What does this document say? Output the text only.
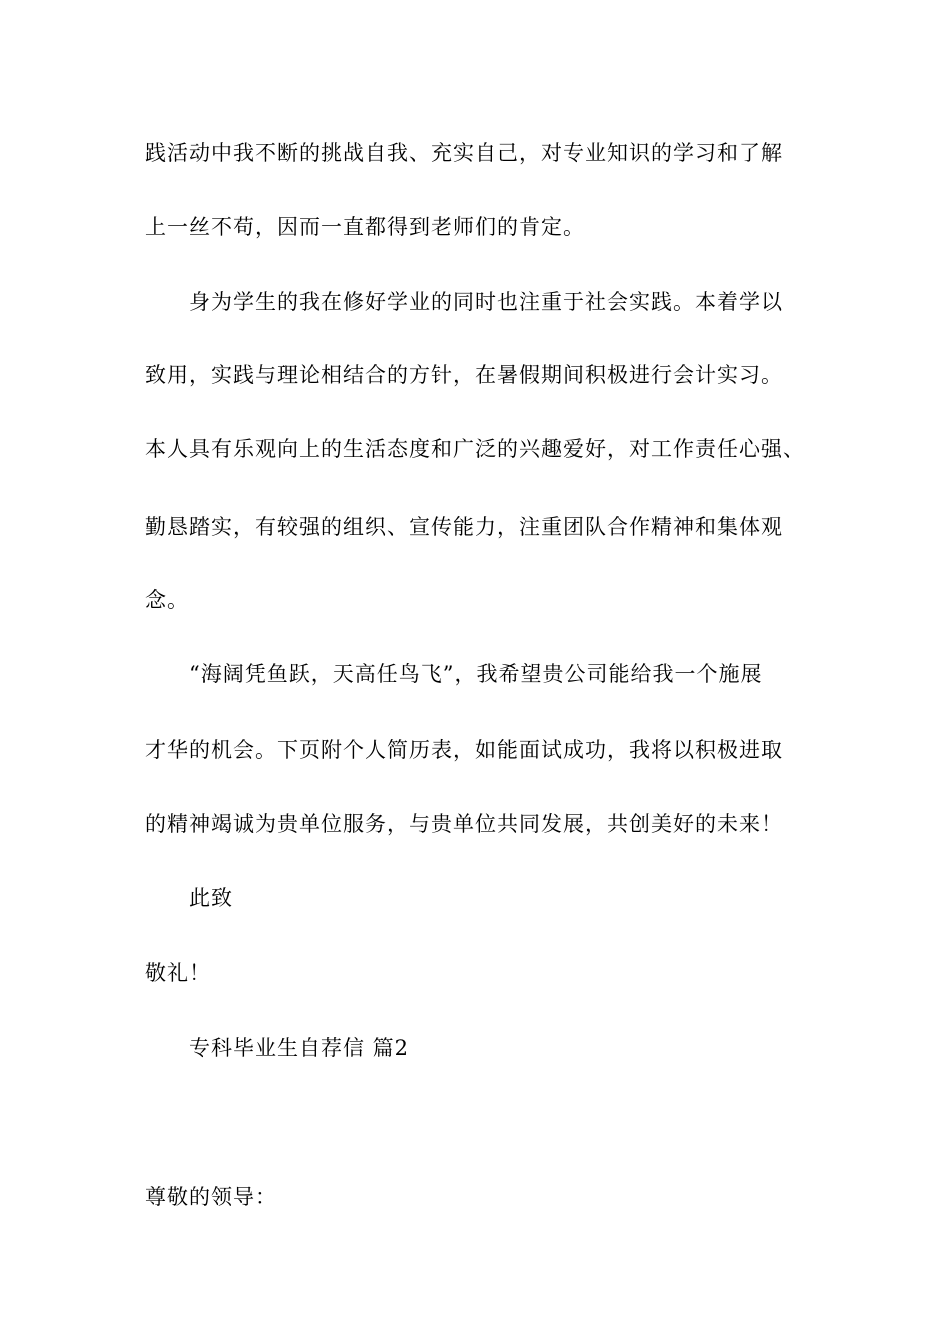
践活动中我不断的挑战自我、充实自己，对专业知识的学习和了解
上一丝不苟，因而一直都得到老师们的肯定。
身为学生的我在修好学业的同时也注重于社会实践。本着学以
致用，实践与理论相结合的方针，在暑假期间积极进行会计实习。
本人具有乐观向上的生活态度和广泛的兴趣爱好，对工作责任心强、
勤恳踏实，有较强的组织、宣传能力，注重团队合作精神和集体观
念。
“海阔凭鱼跃，天高任鸟飞”，我希望贵公司能给我一个施展
才华的机会。下页附个人简历表，如能面试成功，我将以积极进取
的精神竭诚为贵单位服务，与贵单位共同发展，共创美好的未来！
此致
敬礼！
专科毕业生自荐信 篇2
尊敬的领导：
